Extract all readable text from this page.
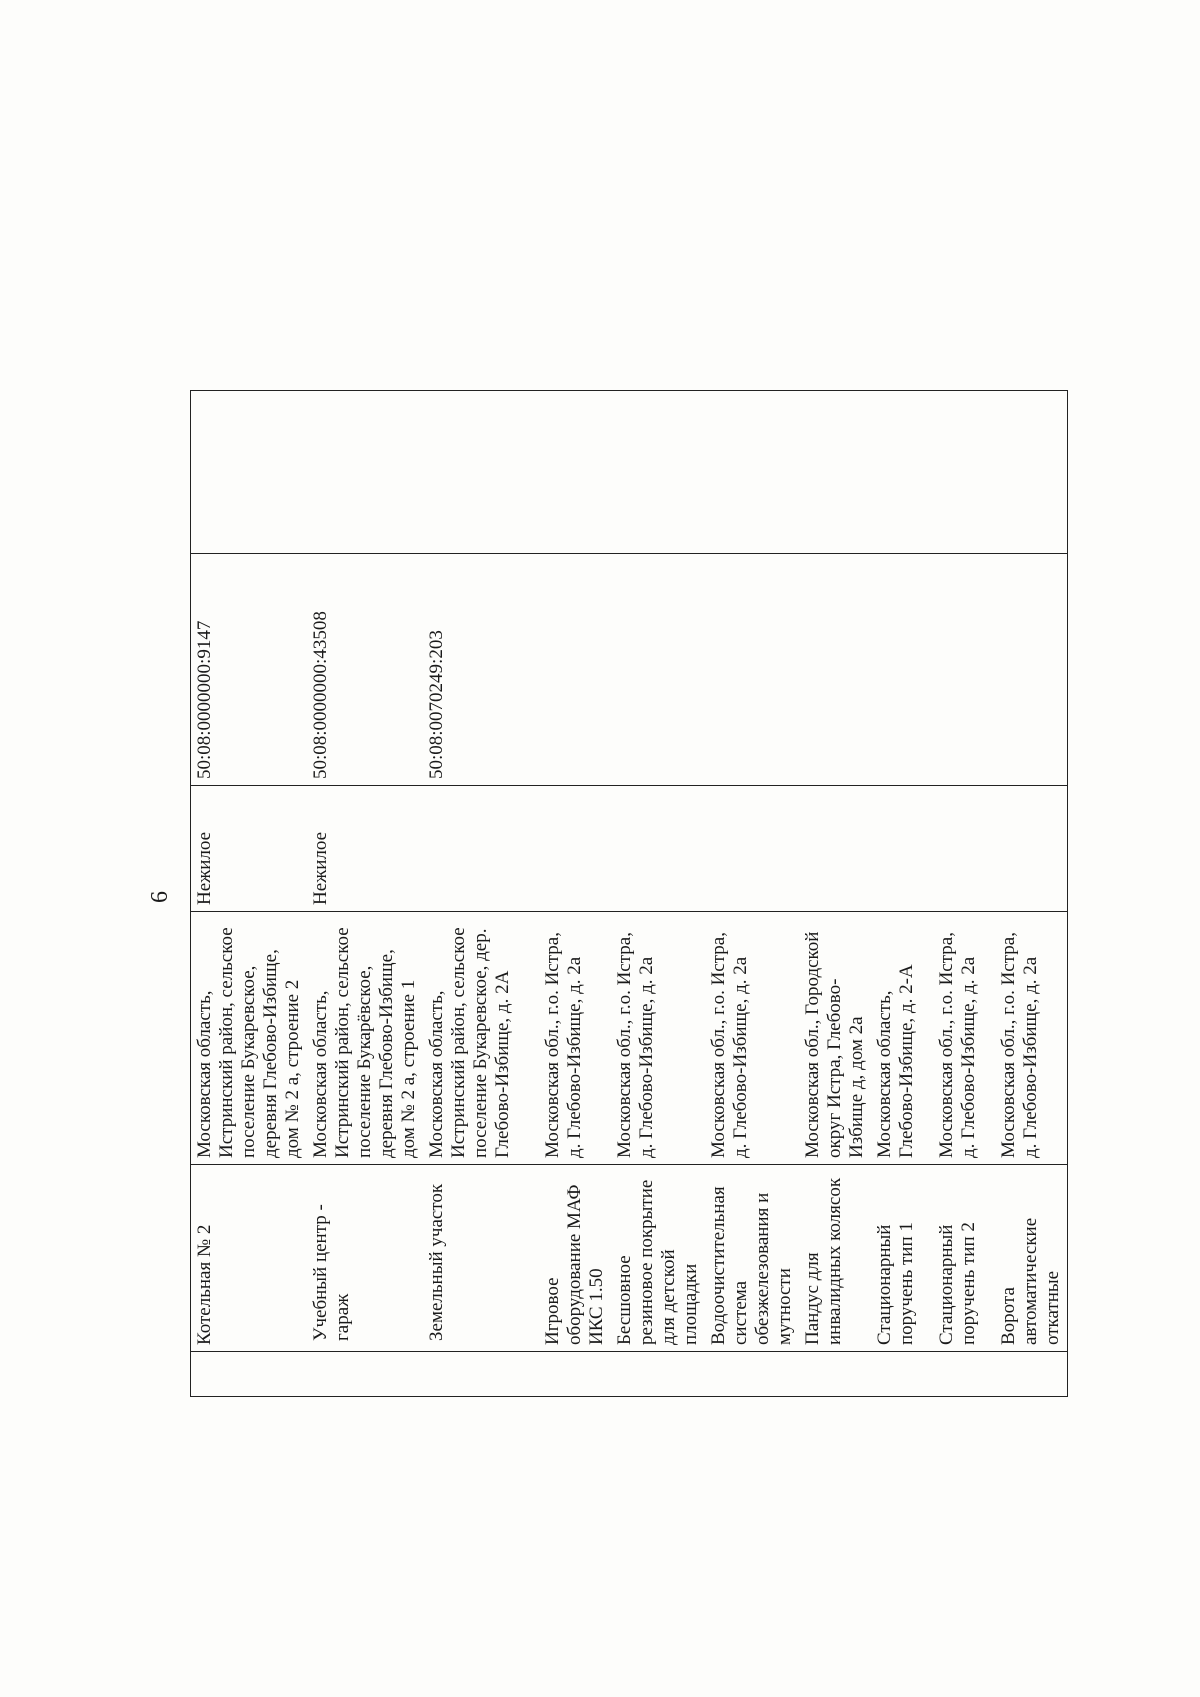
6
	Котельная № 2	Московская область, Истринский район, сельское поселение Букаревское, деревня Глебово-Избище, дом № 2 а, строение 2	Нежилое	50:08:0000000:9147	

	Учебный центр - гараж	Московская область, Истринский район, сельское поселение Букарёвское, деревня Глебово-Избище, дом № 2 а, строение 1	Нежилое	50:08:0000000:43508	

	Земельный участок	Московская область, Истринский район, сельское поселение Букаревское, дер. Глебово-Избище, д. 2А		50:08:0070249:203	
	Игровое оборудование МАФ ИКС 1.50	Московская обл., г.о. Истра, д. Глебово-Избище, д. 2а			
	Бесшовное резиновое покрытие для детской площадки	Московская обл., г.о. Истра, д. Глебово-Избище, д. 2а			
	Водоочистительная система обезжелезования и мутности	Московская обл., г.о. Истра, д. Глебово-Избище, д. 2а			
	Пандус для инвалидных колясок	Московская обл., Городской округ Истра, Глебово-Избище д, дом 2а			
	Стационарный поручень тип 1	Московская область, Глебово-Избище, д. 2-А			
	Стационарный поручень тип 2	Московская обл., г.о. Истра, д. Глебово-Избище, д. 2а			
	Ворота автоматические откатные	Московская обл., г.о. Истра, д. Глебово-Избище, д. 2а			
